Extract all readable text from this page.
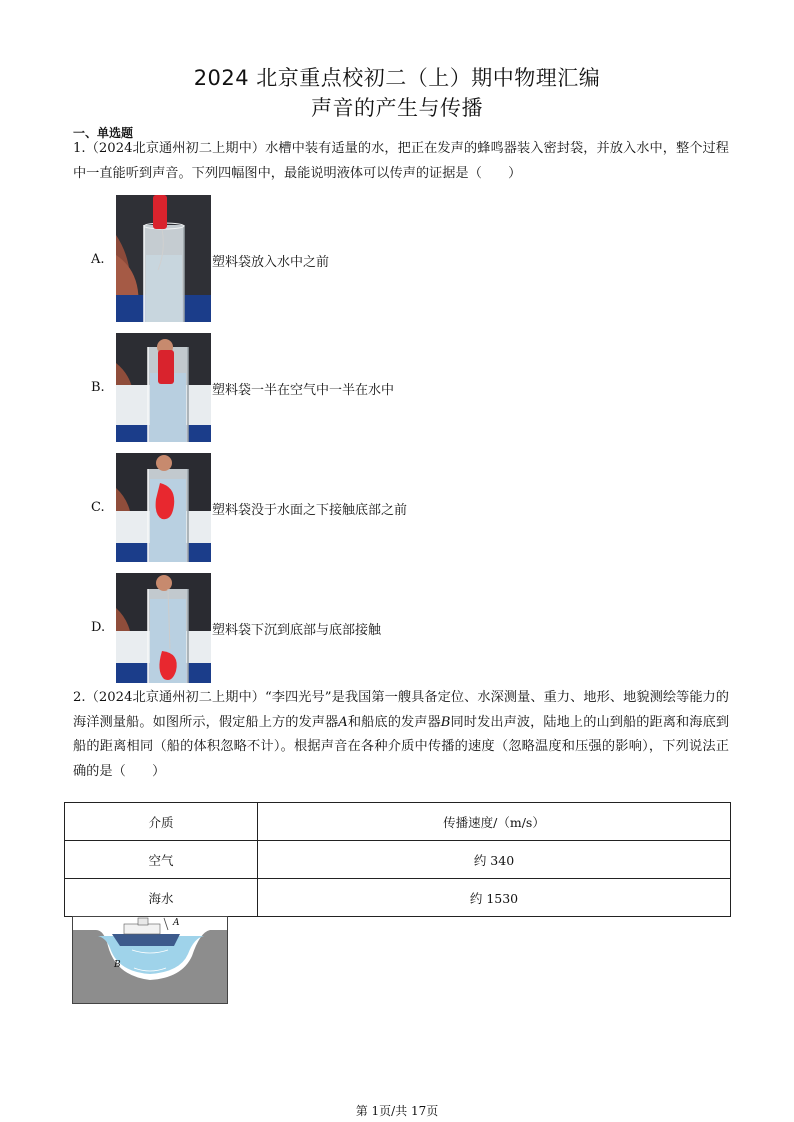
2024 北京重点校初二（上）期中物理汇编
声音的产生与传播
一、单选题
1.（2024北京通州初二上期中）水槽中装有适量的水，把正在发声的蜂鸣器装入密封袋，并放入水中，整个过程中一直能听到声音。下列四幅图中，最能说明液体可以传声的证据是（　　）
A.	塑料袋放入水中之前
B.	塑料袋一半在空气中一半在水中
C.	塑料袋没于水面之下接触底部之前
D.	塑料袋下沉到底部与底部接触
2.（2024北京通州初二上期中）“李四光号”是我国第一艘具备定位、水深测量、重力、地形、地貌测绘等能力的海洋测量船。如图所示，假定船上方的发声器A和船底的发声器B同时发出声波，陆地上的山到船的距离和海底到船的距离相同（船的体积忽略不计）。根据声音在各种介质中传播的速度（忽略温度和压强的影响），下列说法正确的是（　　）
介质	传播速度/（m/s）
空气	约 340
海水	约 1530
A
B
第 1页/共 17页
